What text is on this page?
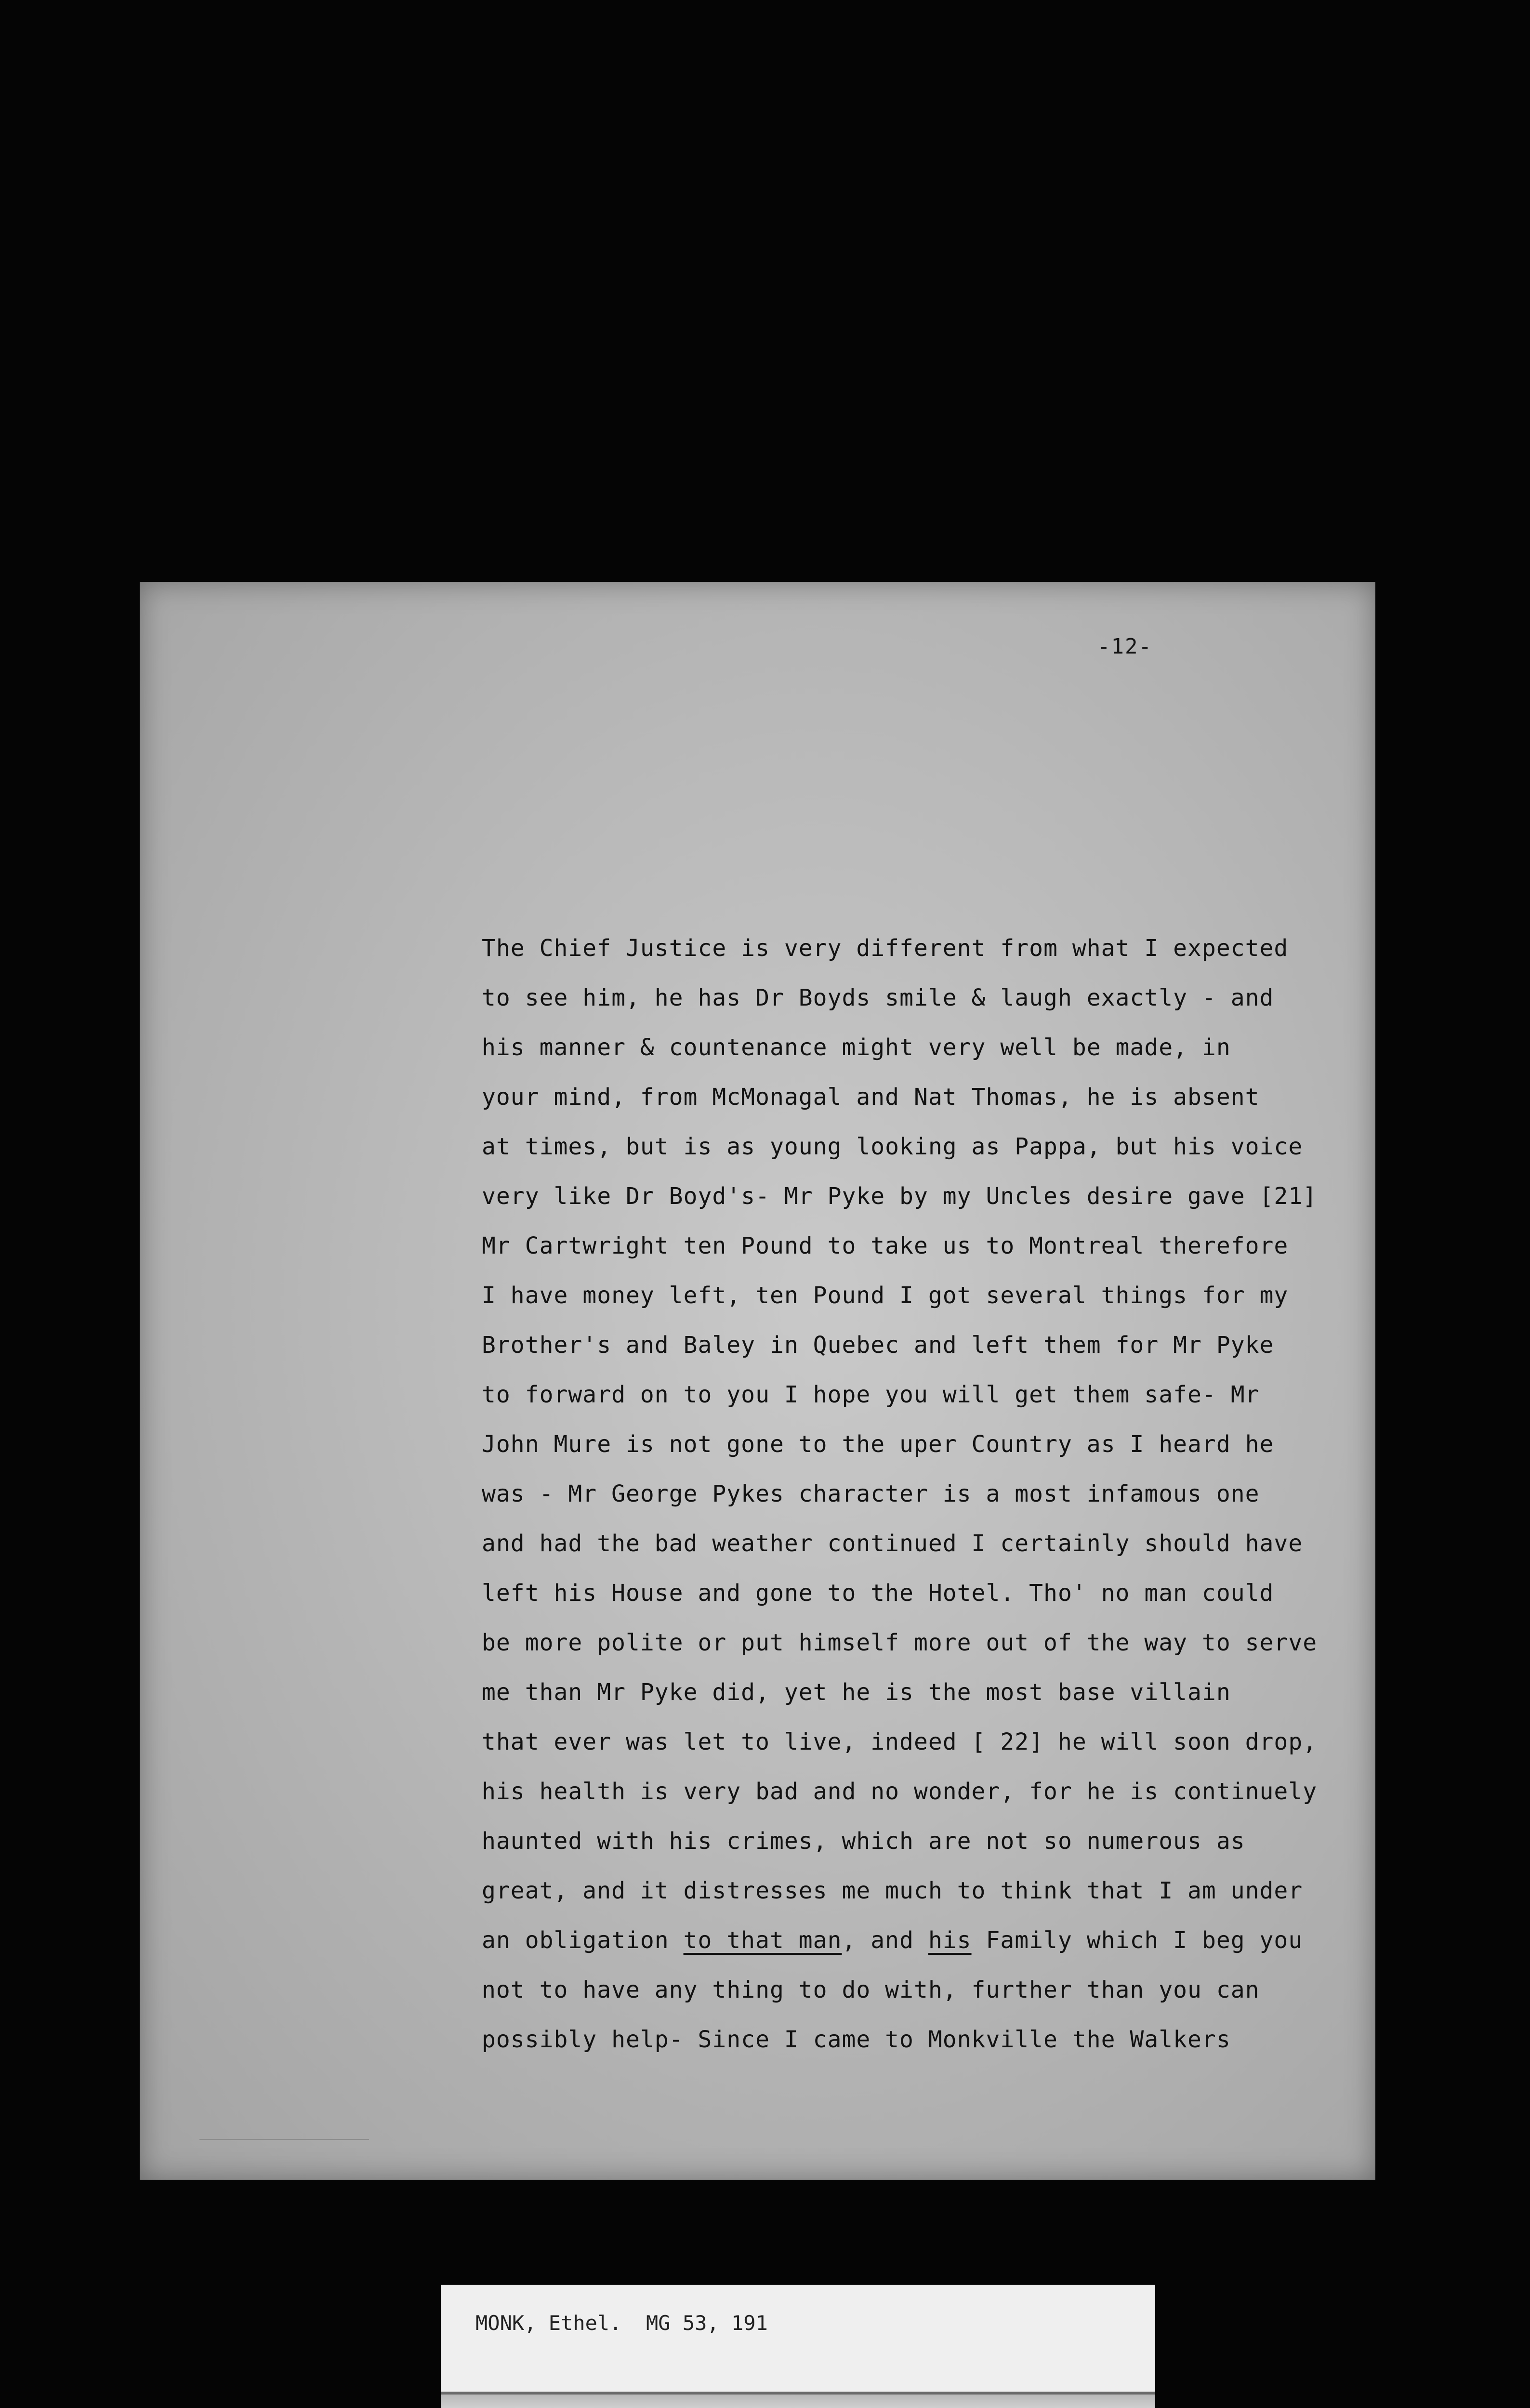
-12-
The Chief Justice is very different from what I expected
to see him, he has Dr Boyds smile & laugh exactly - and
his manner & countenance might very well be made, in
your mind, from McMonagal and Nat Thomas, he is absent
at times, but is as young looking as Pappa, but his voice
very like Dr Boyd's- Mr Pyke by my Uncles desire gave [21]
Mr Cartwright ten Pound to take us to Montreal therefore
I have money left, ten Pound I got several things for my
Brother's and Baley in Quebec and left them for Mr Pyke
to forward on to you I hope you will get them safe- Mr
John Mure is not gone to the uper Country as I heard he
was - Mr George Pykes character is a most infamous one
and had the bad weather continued I certainly should have
left his House and gone to the Hotel. Tho' no man could
be more polite or put himself more out of the way to serve
me than Mr Pyke did, yet he is the most base villain
that ever was let to live, indeed [ 22] he will soon drop,
his health is very bad and no wonder, for he is continuely
haunted with his crimes, which are not so numerous as
great, and it distresses me much to think that I am under
an obligation to that man, and his Family which I beg you
not to have any thing to do with, further than you can
possibly help- Since I came to Monkville the Walkers
MONK, Ethel.  MG 53, 191
